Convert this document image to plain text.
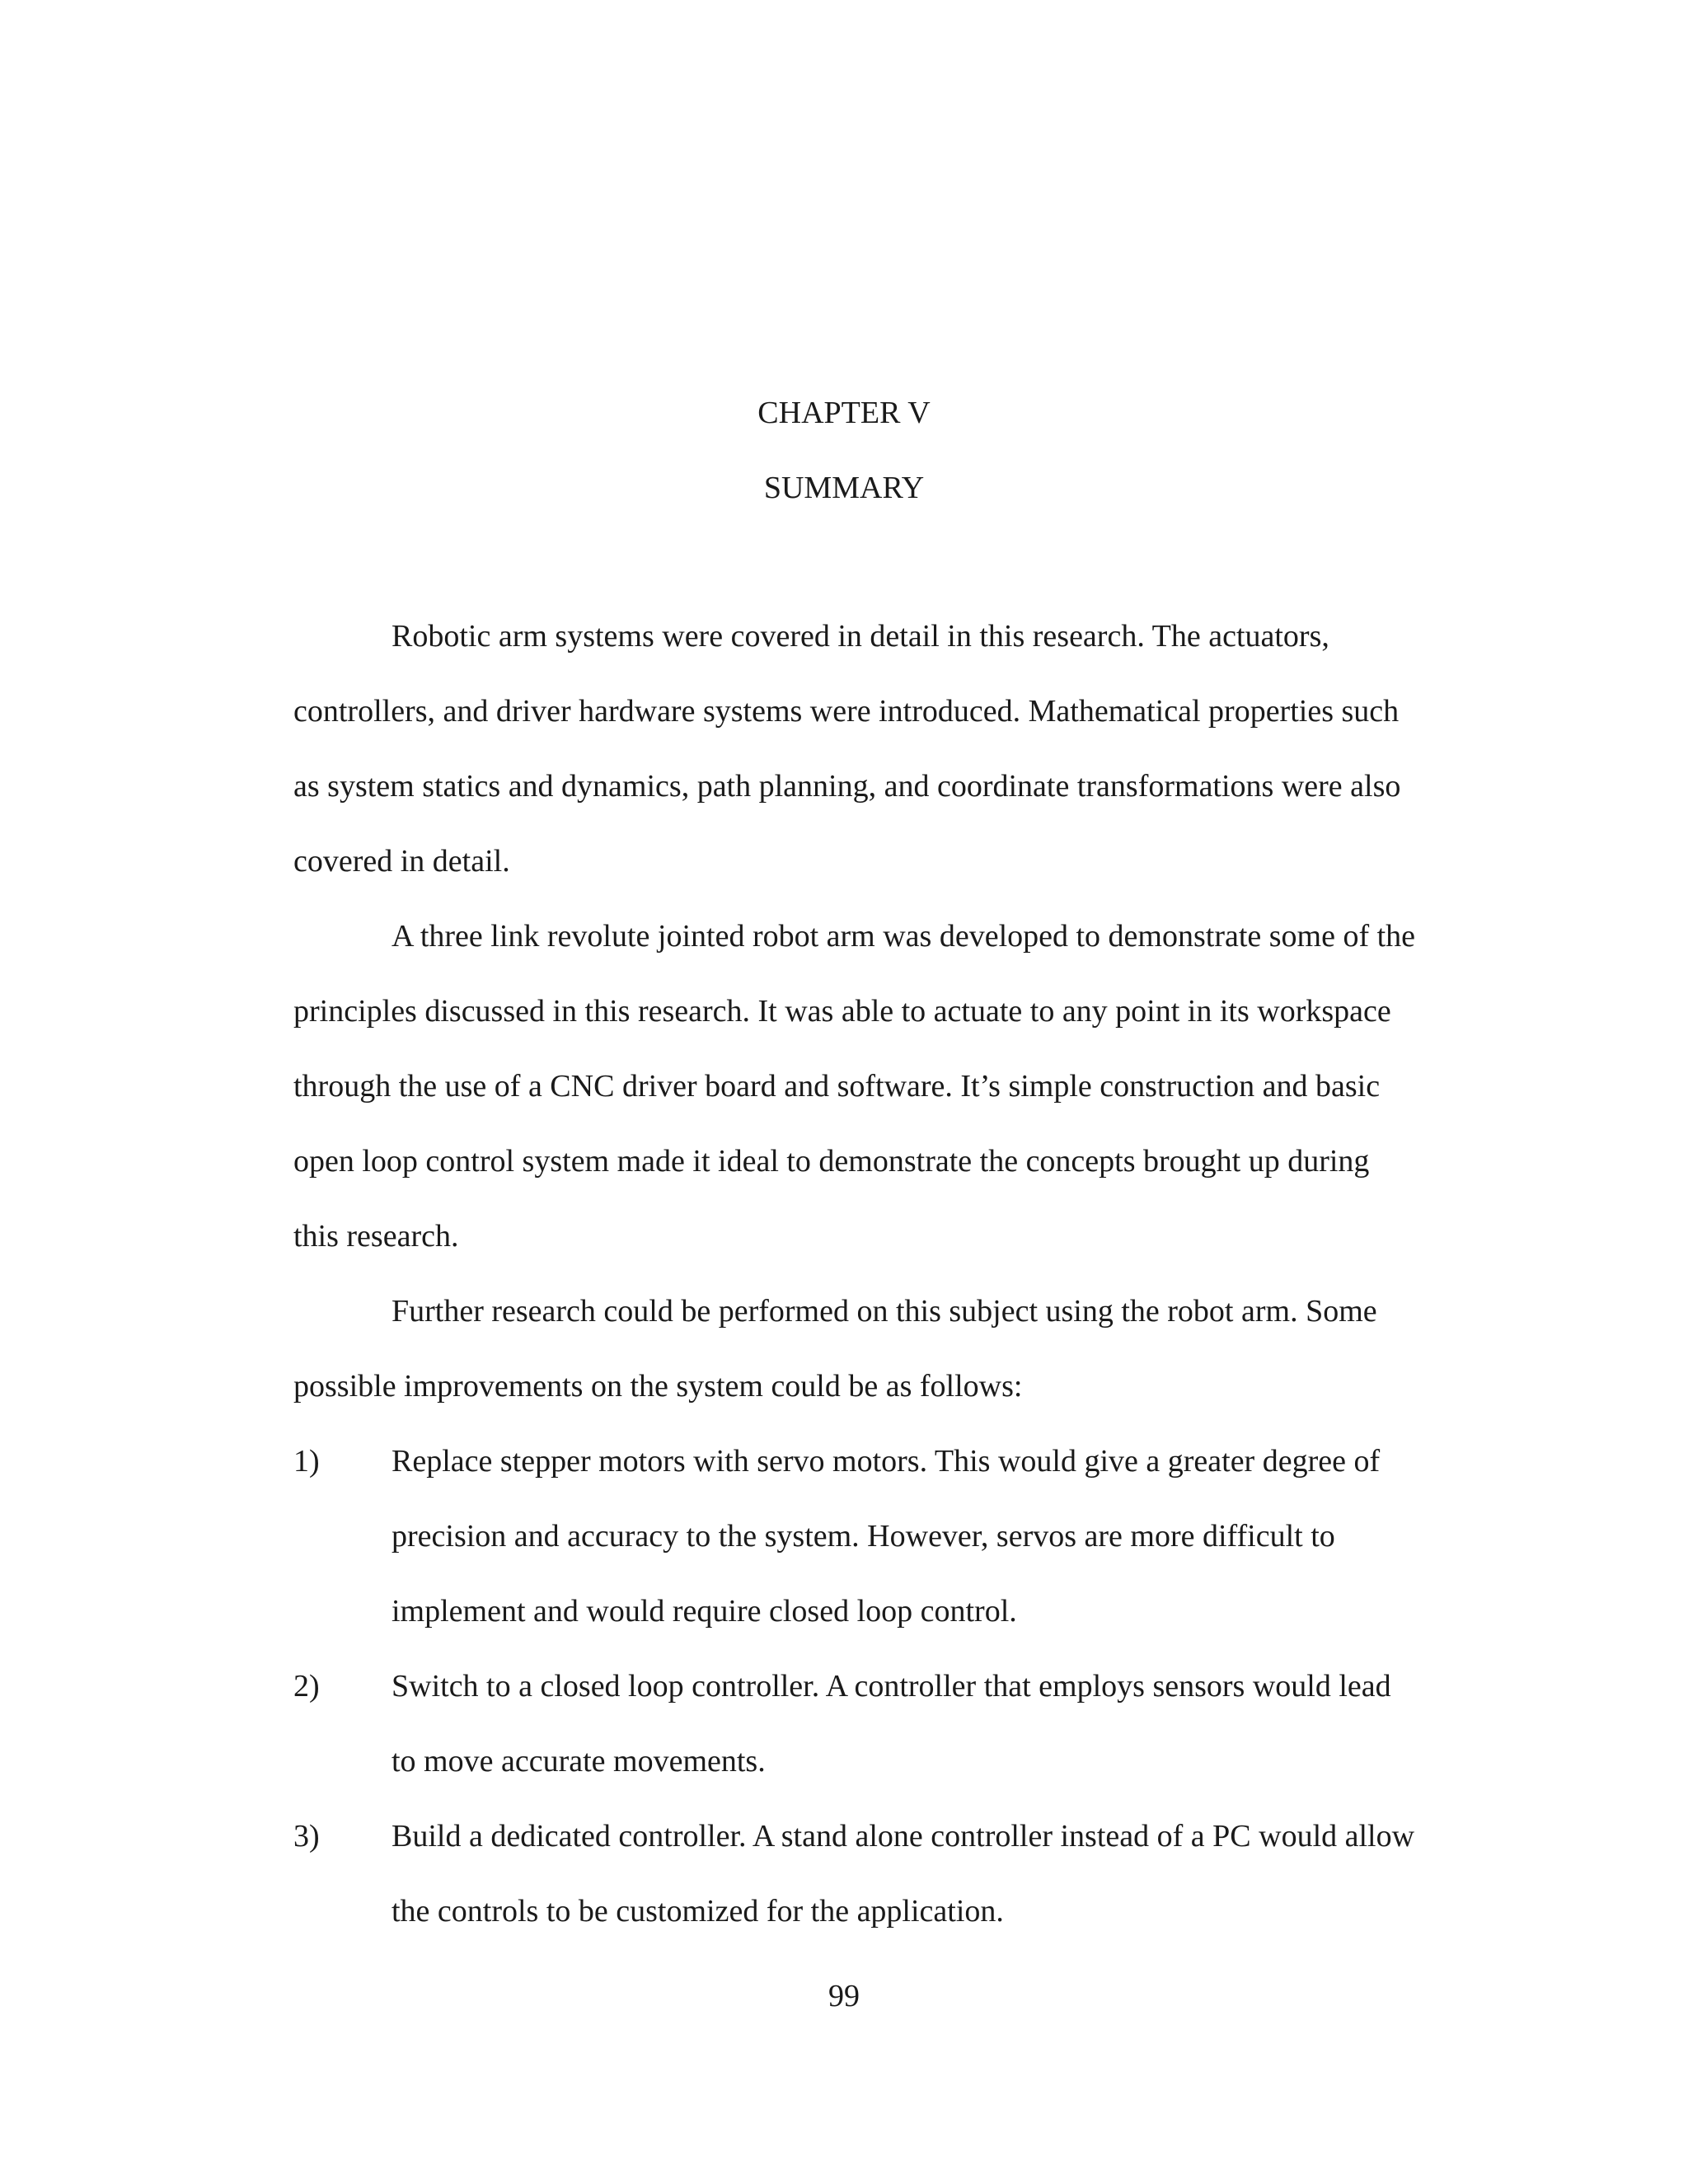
CHAPTER V
SUMMARY
Robotic arm systems were covered in detail in this research. The actuators,
controllers, and driver hardware systems were introduced. Mathematical properties such
as system statics and dynamics, path planning, and coordinate transformations were also
covered in detail.
A three link revolute jointed robot arm was developed to demonstrate some of the
principles discussed in this research. It was able to actuate to any point in its workspace
through the use of a CNC driver board and software. It’s simple construction and basic
open loop control system made it ideal to demonstrate the concepts brought up during
this research.
Further research could be performed on this subject using the robot arm. Some
possible improvements on the system could be as follows:
1) Replace stepper motors with servo motors. This would give a greater degree of
precision and accuracy to the system. However, servos are more difficult to
implement and would require closed loop control.
2) Switch to a closed loop controller. A controller that employs sensors would lead
to move accurate movements.
3) Build a dedicated controller. A stand alone controller instead of a PC would allow
the controls to be customized for the application.
99
